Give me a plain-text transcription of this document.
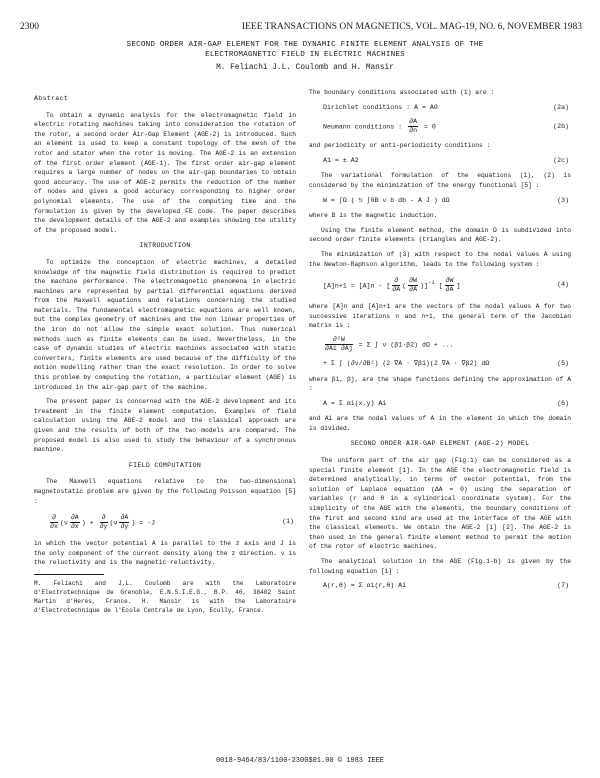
2300	IEEE TRANSACTIONS ON MAGNETICS, VOL. MAG-19, NO. 6, NOVEMBER 1983
SECOND ORDER AIR-GAP ELEMENT FOR THE DYNAMIC FINITE ELEMENT ANALYSIS OF THE
ELECTROMAGNETIC FIELD IN ELECTRIC MACHINES
M. Feliachi J.L. Coulomb and H. Mansir
Abstract

To obtain a dynamic analysis for the electromagnetic field in electric rotating machines taking into consideration the rotation of the rotor, a second order Air-Gap Element (AGE-2) is introduced. Such an element is used to keep a constant topology of the mesh of the rotor and stator when the rotor is moving. The AGE-2 is an extension of the first order element (AGE-1). The first order air-gap element requires a large number of nodes on the air-gap boundaries to obtain good accuracy. The use of AGE-2 permits the reduction of the number of nodes and gives a good accuracy corresponding to higher order polynomial elements. The use of the computing time and the formulation is given by the developed FE code. The paper describes the development details of the AGE-2 and examples showing the utility of the proposed model.

INTRODUCTION

To optimize the conception of electric machines, a detailed knowledge of the magnetic field distribution is required to predict the machine performance. The electromagnetic phenomena in electric machines are represented by partial differential equations derived from the Maxwell equations and relations concerning the studied materials. The fundamental electromagnetic equations are well known, but the complex geometry of machines and the non linear properties of the iron do not allow the simple exact solution. Thus numerical methods such as finite elements can be used. Nevertheless, in the case of dynamic studies of electric machines associated with static converters, finite elements are used because of the difficulty of the motion modelling rather than the exact resolution. In order to solve this problem by computing the rotation, a particular element (AGE) is introduced in the air-gap part of the machine.

The present paper is concerned with the AGE-2 development and its treatment in the finite element computation. Examples of field calculation using the AGE-2 model and the classical approach are given and the results of both of the two models are compared. The proposed model is also used to study the behaviour of a synchronous machine.

FIELD COMPUTATION

The Maxwell equations relative to the two-dimensional magnetostatic problem are given by the following Poisson equation [5] :

$\frac{\partial}{\partial x} (\nu \frac{\partial A}{\partial x}$ ) + $\frac{\partial}{\partial y} (\nu \frac{\partial A}{\partial y}$ ) = -J	(1)

in which the vector potential A is parallel to the z axis and J is the only component of the current density along the z direction. ν is the reluctivity and is the magnetic reluctivity.

M. Feliachi and J.L. Coulomb are with the Laboratoire d'Electrotechnique de Grenoble, E.N.S.I.E.G., B.P. 46, 38402 Saint Martin d'Heres, France. H. Mansir is with the Laboratoire d'Electrotechnique de l'Ecole Centrale de Lyon, Ecully, France.

The boundary conditions associated with (1) are :

Dirichlet conditions : A = A0	(2a)
Neumann conditions : $\frac{\partial A}{\partial n} = 0$	(2b)

and periodicity or anti-periodicity conditions :

A1 = ± A2	(2c)

The variational formulation of the equations (1), (2) is considered by the minimization of the energy functional [5] :

W = ∫Ω ( ½ ∫0B ν b db - A J ) dΩ	(3)

where B is the magnetic induction.

Using the finite element method, the domain Ω is subdivided into second order finite elements (triangles and AGE-2).

The minimization of (3) with respect to the nodal values A using the Newton-Raphson algorithm, leads to the following system :

[A]n+1 = [A]n - [ $\frac{\partial}{\partial A}$ ( $\frac{\partial W}{\partial A} )]^{-1}$ [ $\frac{\partial W}{\partial A}$ ]	(4)

where [A]n and [A]n+1 are the vectors of the nodal values A for two successive iterations n and n+1, the general term of the Jacobian matrix is :

$\frac{\text{∂²W}}{\partial Ai \partial Aj} = \Sigma$ ∫ ν (β1·β2) dΩ + ...
+ Σ ∫ (∂ν/∂B²) (2 ∇A · ∇β1)(2 ∇A · ∇β2) dΩ	(5)

where βi, βj, are the shape functions defining the approximation of A :

A = Σ αi(x,y) Ai	(6)

and Ai are the nodal values of A in the element in which the domain is divided.

SECOND ORDER AIR-GAP ELEMENT (AGE-2) MODEL

The uniform part of the air gap (Fig.1) can be considered as a special finite element [1]. In the AGE the electromagnetic field is determined analytically, in terms of vector potential, from the solution of Laplace equation (ΔA = 0) using the separation of variables (r and θ in a cylindrical coordinate system). For the simplicity of the AGE with the elements, the boundary conditions of the first and second kind are used at the interface of the AGE with the classical elements. We obtain the AGE-2 [1] [2]. The AGE-2 is then used in the general finite element method to permit the motion of the rotor of electric machines.

The analytical solution in the AGE (Fig.1-b) is given by the following equation [1] :

A(r,θ) = Σ αi(r,θ) Ai	(7)
0018-9464/83/1100-2300$01.00 © 1983 IEEE
